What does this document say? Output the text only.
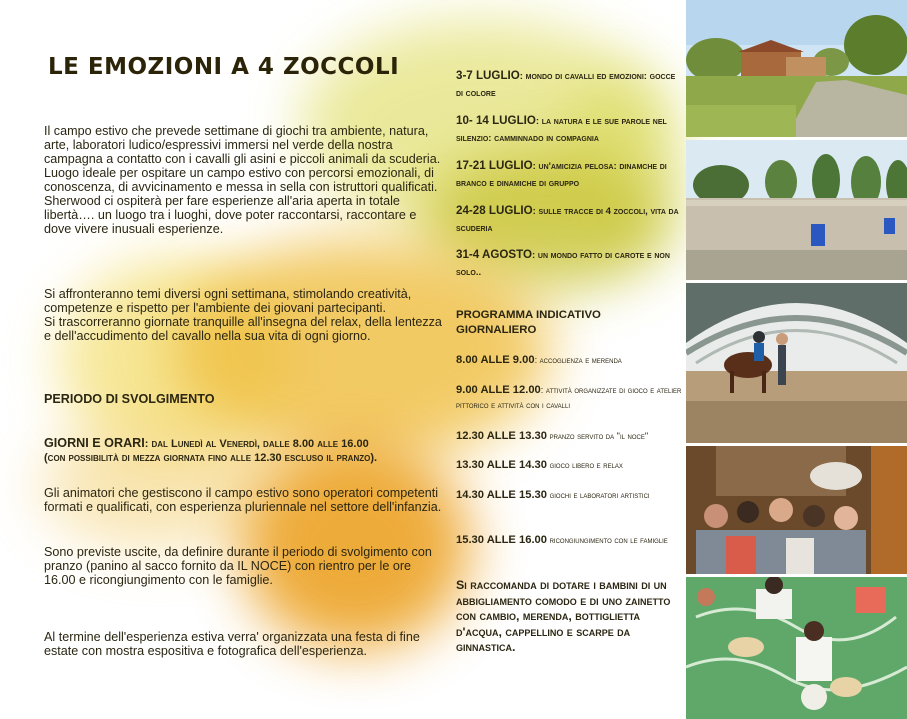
LE EMOZIONI A 4 ZOCCOLI

Il campo estivo che prevede settimane di giochi tra ambiente, natura, arte, laboratori ludico/espressivi immersi nel verde della nostra campagna a contatto con i cavalli gli asini e piccoli animali da scuderia.

Luogo ideale per ospitare un campo estivo con percorsi emozionali, di conoscenza, di avvicinamento e messa in sella con istruttori qualificati.

Sherwood ci ospiterà per fare esperienze all'aria aperta in totale libertà…. un luogo tra i luoghi, dove poter raccontarsi, raccontare e dove vivere inusuali esperienze.

Si affronteranno temi diversi ogni settimana, stimolando creatività, competenze e rispetto per l'ambiente dei giovani partecipanti.

Si trascorreranno giornate tranquille all'insegna del relax, della lentezza e dell'accudimento del cavallo nella sua vita di ogni giorno.

PERIODO DI SVOLGIMENTO

GIORNI E ORARI: dal Lunedì al Venerdì, dalle 8.00 alle 16.00

(con possibilità di mezza giornata fino alle 12.30 escluso il pranzo).

Gli animatori che gestiscono il campo estivo sono operatori competenti formati e qualificati, con esperienza pluriennale nel settore dell'infanzia.
Sono previste uscite, da definire durante il periodo di svolgimento con pranzo (panino al sacco fornito da IL NOCE) con rientro per le ore 16.00 e ricongiungimento con le famiglie.
Al termine dell'esperienza estiva verra' organizzata una festa di fine estate con mostra espositiva e fotografica dell'esperienza.
3-7 LUGLIO: mondo di cavalli ed emozioni: gocce di colore
10- 14 LUGLIO: la natura e le sue parole nel silenzio: camminnado in compagnia
17-21 LUGLIO: un'amicizia pelosa: dinamche di branco e dinamiche di gruppo
24-28 LUGLIO: sulle tracce di 4 zoccoli, vita da scuderia
31-4 AGOSTO: un mondo fatto di carote e non solo..
PROGRAMMA INDICATIVO
GIORNALIERO
8.00 ALLE 9.00: accoglienza e merenda
9.00 ALLE 12.00: attività organizzate di gioco e atelier pittorico e attività con i cavalli
12.30 ALLE 13.30 pranzo servito da "il noce"
13.30 ALLE 14.30 gioco libero e relax
14.30 ALLE 15.30 giochi e laboratori artistici
15.30 ALLE 16.00 ricongiungimento con le famiglie
Si raccomanda di dotare i bambini di un abbigliamento comodo e di uno zainetto con cambio, merenda, bottiglietta d'acqua, cappellino e scarpe da ginnastica.
